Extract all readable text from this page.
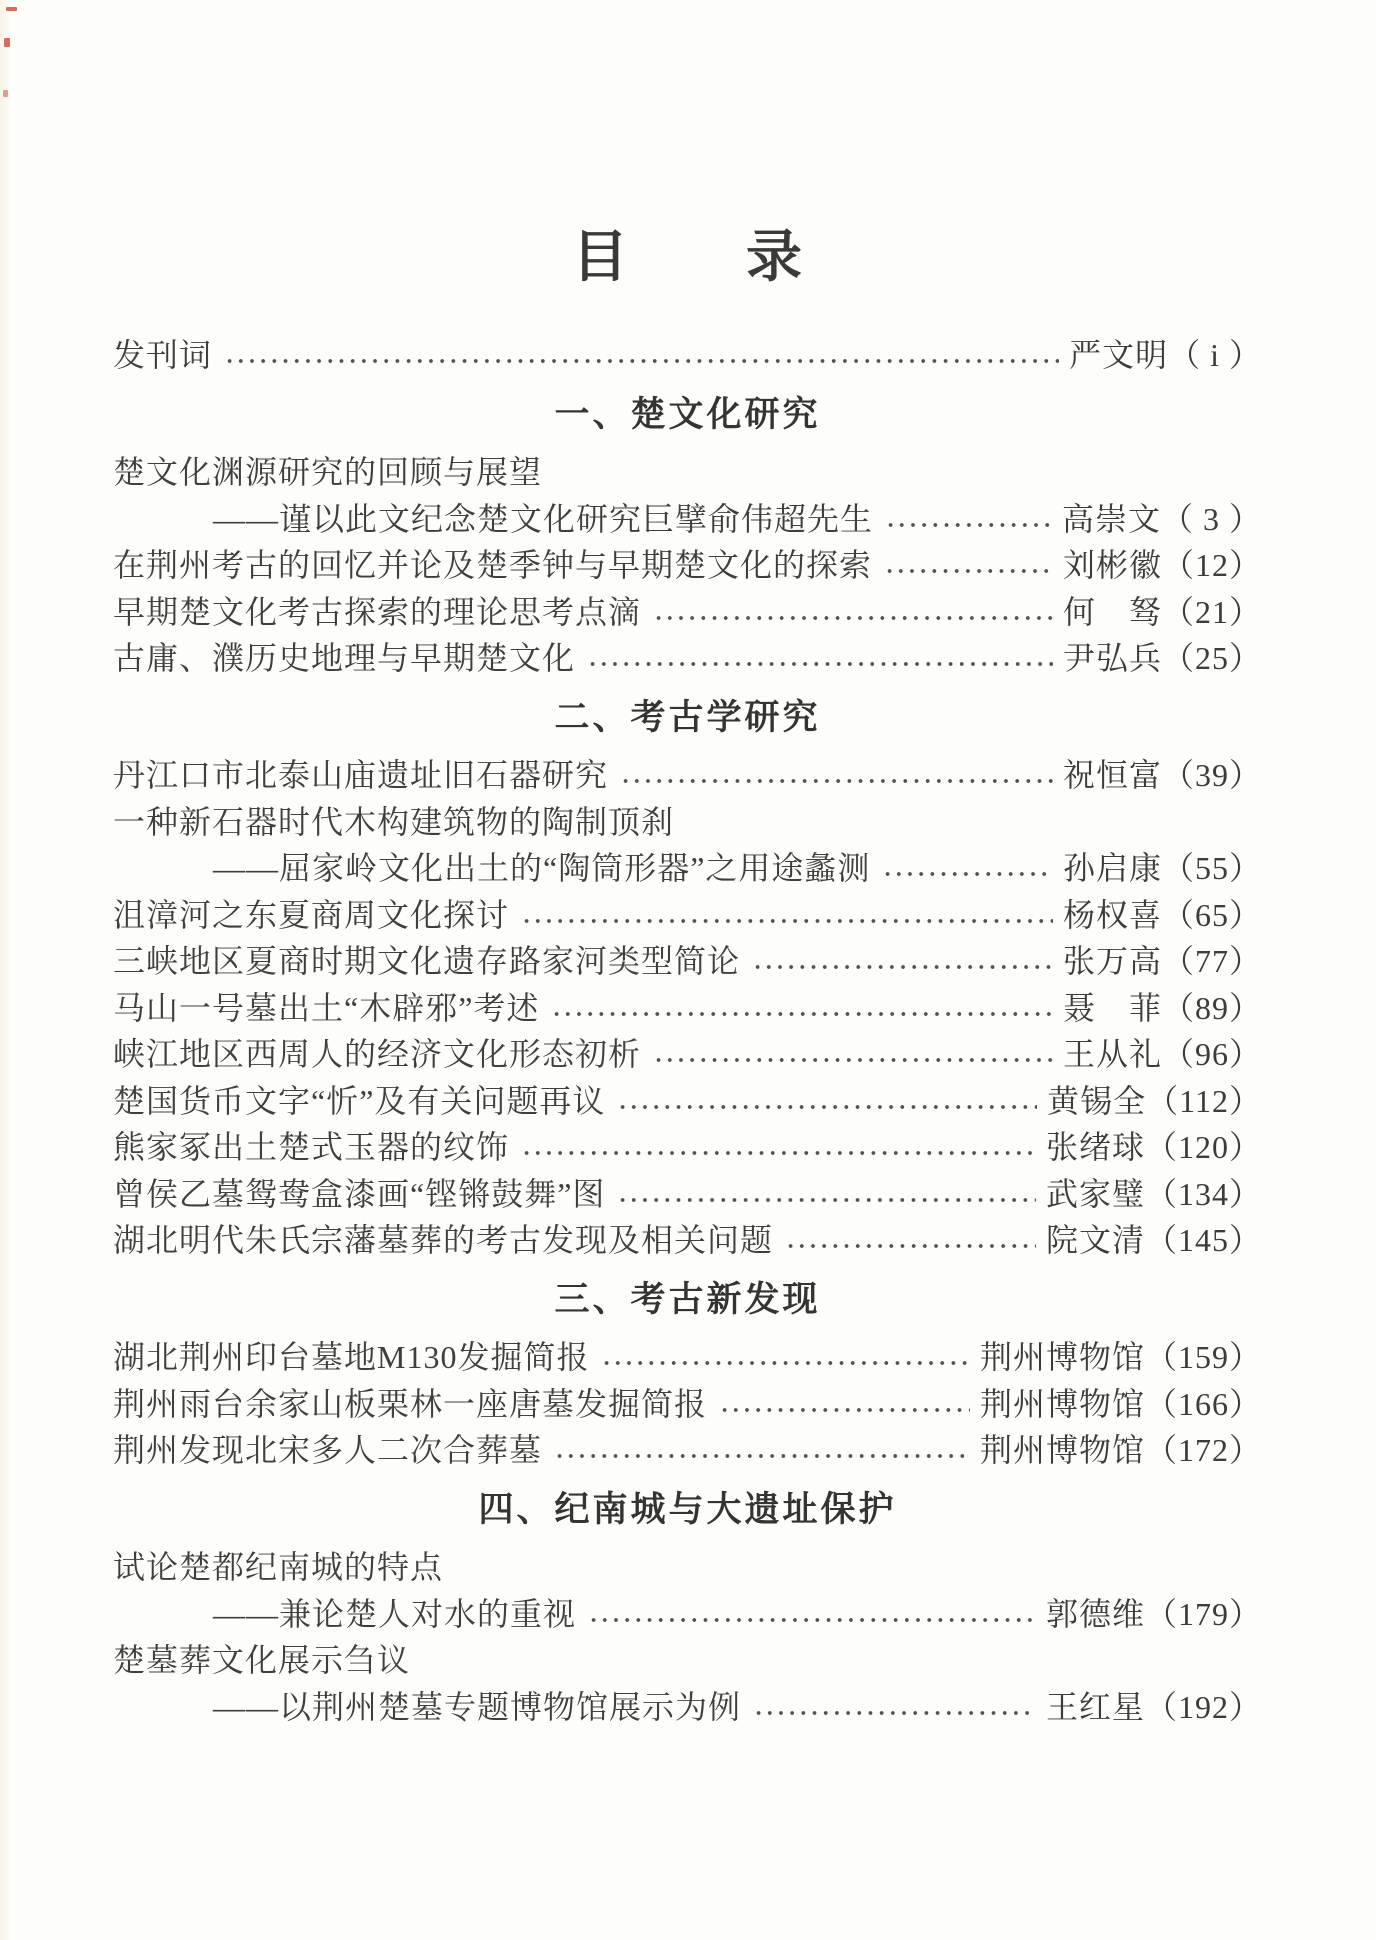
目　　录
发刊词	严文明（ i ）
一、楚文化研究
楚文化渊源研究的回顾与展望
——谨以此文纪念楚文化研究巨擘俞伟超先生	高崇文（ 3 ）
在荆州考古的回忆并论及楚季钟与早期楚文化的探索	刘彬徽（12）
早期楚文化考古探索的理论思考点滴	何　驽（21）
古庸、濮历史地理与早期楚文化	尹弘兵（25）
二、考古学研究
丹江口市北泰山庙遗址旧石器研究	祝恒富（39）
一种新石器时代木构建筑物的陶制顶刹
——屈家岭文化出土的“陶筒形器”之用途蠡测	孙启康（55）
沮漳河之东夏商周文化探讨	杨权喜（65）
三峡地区夏商时期文化遗存路家河类型简论	张万高（77）
马山一号墓出土“木辟邪”考述	聂　菲（89）
峡江地区西周人的经济文化形态初析	王从礼（96）
楚国货币文字“忻”及有关问题再议	黄锡全（112）
熊家冢出土楚式玉器的纹饰	张绪球（120）
曾侯乙墓鸳鸯盒漆画“铿锵鼓舞”图	武家璧（134）
湖北明代朱氏宗藩墓葬的考古发现及相关问题	院文清（145）
三、考古新发现
湖北荆州印台墓地M130发掘简报	荆州博物馆（159）
荆州雨台余家山板栗林一座唐墓发掘简报	荆州博物馆（166）
荆州发现北宋多人二次合葬墓	荆州博物馆（172）
四、纪南城与大遗址保护
试论楚都纪南城的特点
——兼论楚人对水的重视	郭德维（179）
楚墓葬文化展示刍议
——以荆州楚墓专题博物馆展示为例	王红星（192）
